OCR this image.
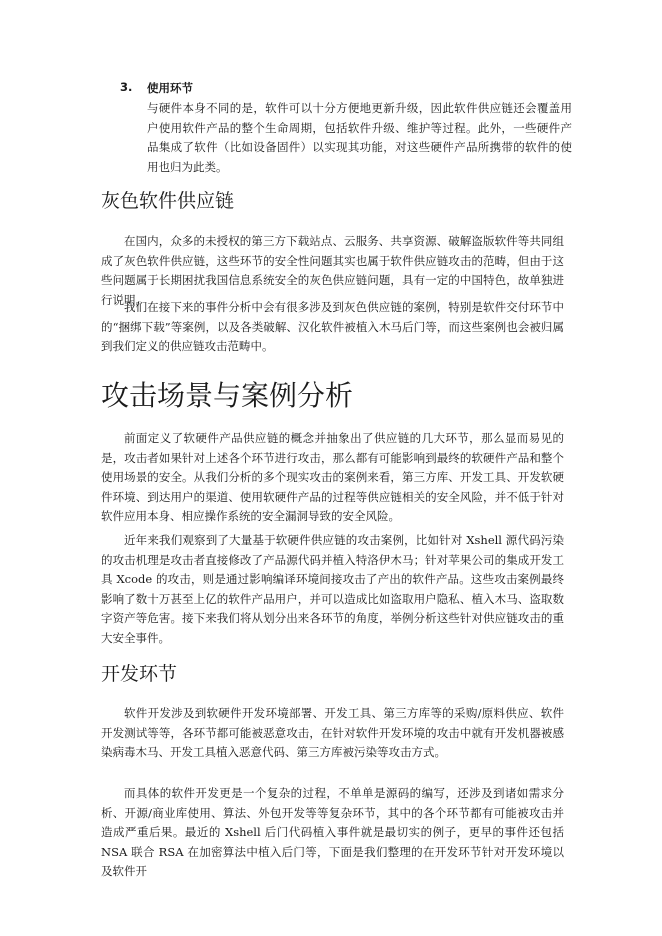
3. 使用环节
与硬件本身不同的是，软件可以十分方便地更新升级，因此软件供应链还会覆盖用户使用软件产品的整个生命周期，包括软件升级、维护等过程。此外，一些硬件产品集成了软件（比如设备固件）以实现其功能，对这些硬件产品所携带的软件的使用也归为此类。
灰色软件供应链

在国内，众多的未授权的第三方下载站点、云服务、共享资源、破解盗版软件等共同组成了灰色软件供应链，这些环节的安全性问题其实也属于软件供应链攻击的范畴，但由于这些问题属于长期困扰我国信息系统安全的灰色供应链问题，具有一定的中国特色，故单独进行说明。

我们在接下来的事件分析中会有很多涉及到灰色供应链的案例，特别是软件交付环节中的“捆绑下载”等案例，以及各类破解、汉化软件被植入木马后门等，而这些案例也会被归属到我们定义的供应链攻击范畴中。

攻击场景与案例分析

前面定义了软硬件产品供应链的概念并抽象出了供应链的几大环节，那么显而易见的是，攻击者如果针对上述各个环节进行攻击，那么都有可能影响到最终的软硬件产品和整个使用场景的安全。从我们分析的多个现实攻击的案例来看，第三方库、开发工具、开发软硬件环境、到达用户的渠道、使用软硬件产品的过程等供应链相关的安全风险，并不低于针对软件应用本身、相应操作系统的安全漏洞导致的安全风险。

近年来我们观察到了大量基于软硬件供应链的攻击案例，比如针对 Xshell 源代码污染的攻击机理是攻击者直接修改了产品源代码并植入特洛伊木马；针对苹果公司的集成开发工具 Xcode 的攻击，则是通过影响编译环境间接攻击了产出的软件产品。这些攻击案例最终影响了数十万甚至上亿的软件产品用户，并可以造成比如盗取用户隐私、植入木马、盗取数字资产等危害。接下来我们将从划分出来各环节的角度，举例分析这些针对供应链攻击的重大安全事件。

开发环节

软件开发涉及到软硬件开发环境部署、开发工具、第三方库等的采购/原料供应、软件开发测试等等，各环节都可能被恶意攻击，在针对软件开发环境的攻击中就有开发机器被感染病毒木马、开发工具植入恶意代码、第三方库被污染等攻击方式。

而具体的软件开发更是一个复杂的过程，不单单是源码的编写，还涉及到诸如需求分析、开源/商业库使用、算法、外包开发等等复杂环节，其中的各个环节都有可能被攻击并造成严重后果。最近的 Xshell 后门代码植入事件就是最切实的例子，更早的事件还包括 NSA 联合 RSA 在加密算法中植入后门等，下面是我们整理的在开发环节针对开发环境以及软件开
